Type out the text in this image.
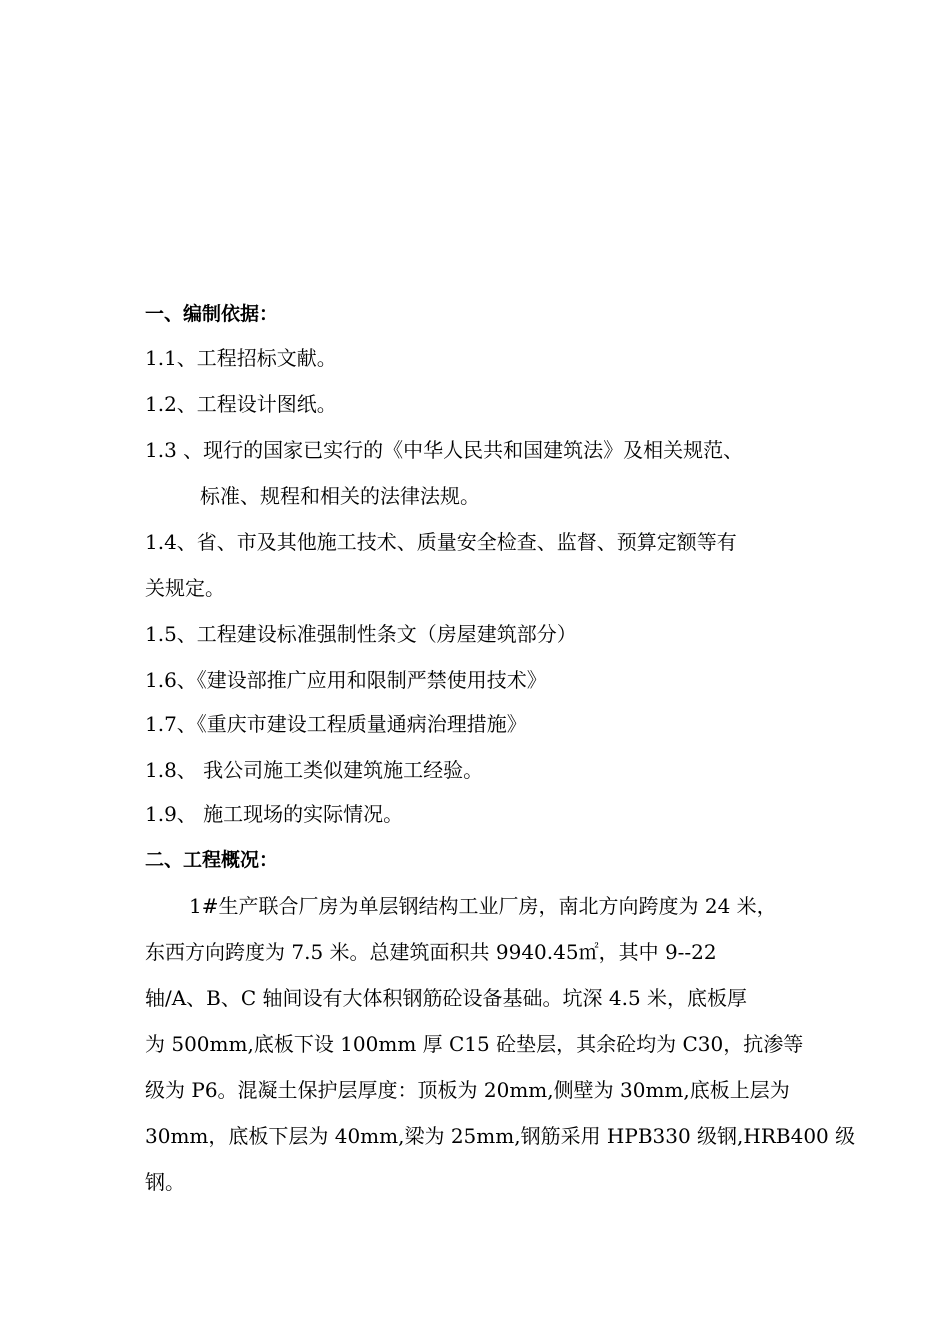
一、编制依据：
1.1、工程招标文献。
1.2、工程设计图纸。
1.3 、现行的国家已实行的《中华人民共和国建筑法》及相关规范、
标准、规程和相关的法律法规。
1.4、省、市及其他施工技术、质量安全检查、监督、预算定额等有
关规定。
1.5、工程建设标准强制性条文（房屋建筑部分）
1.6、《建设部推广应用和限制严禁使用技术》
1.7、《重庆市建设工程质量通病治理措施》
1.8、 我公司施工类似建筑施工经验。
1.9、 施工现场的实际情况。
二、工程概况：
1#生产联合厂房为单层钢结构工业厂房，南北方向跨度为 24 米，
东西方向跨度为 7.5 米。总建筑面积共 9940.45㎡，其中 9--22
轴/A、B、C 轴间设有大体积钢筋砼设备基础。坑深 4.5 米，底板厚
为 500mm,底板下设 100mm 厚 C15 砼垫层，其余砼均为 C30，抗渗等
级为 P6。混凝土保护层厚度：顶板为 20mm,侧壁为 30mm,底板上层为
30mm，底板下层为 40mm,梁为 25mm,钢筋采用 HPB330 级钢,HRB400 级
钢。
